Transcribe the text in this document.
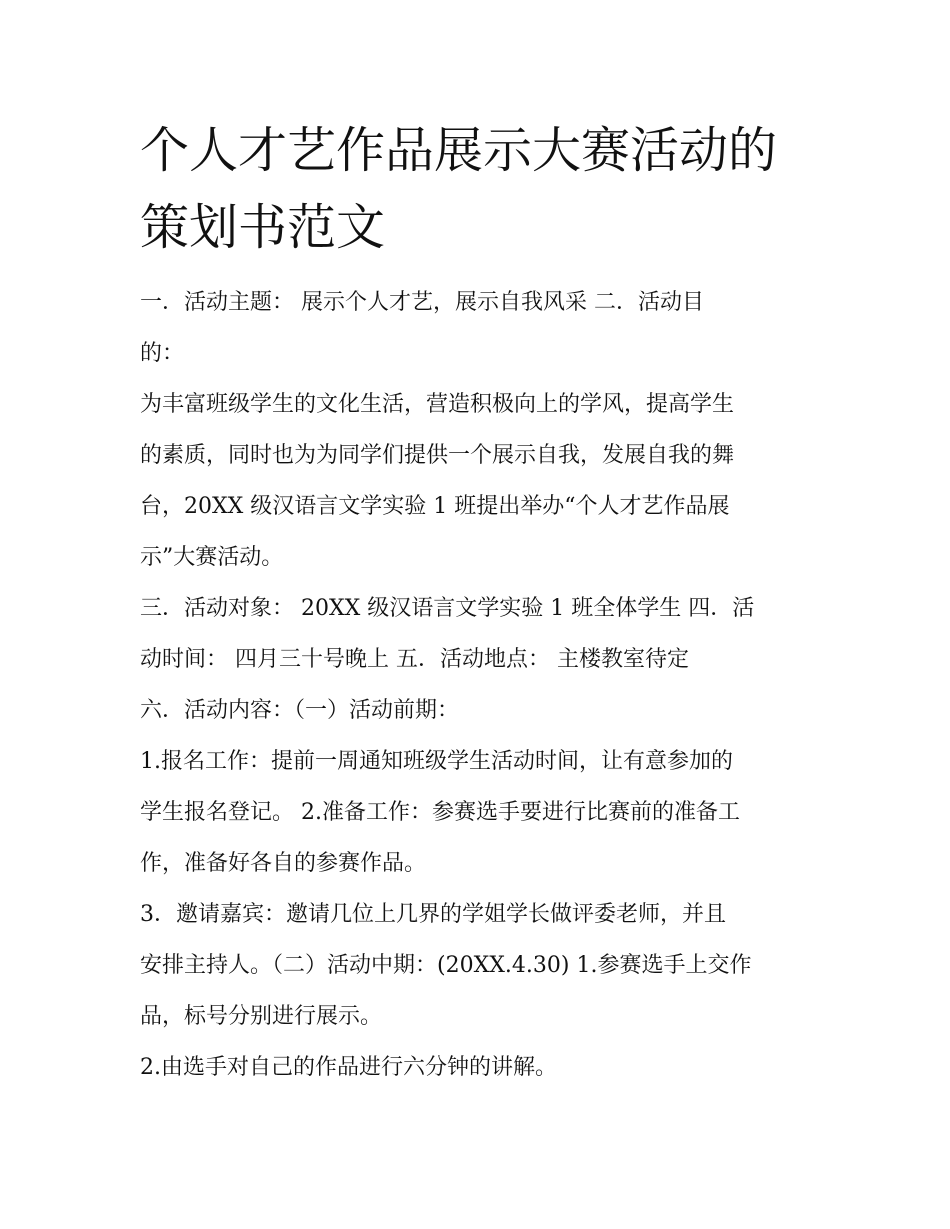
个人才艺作品展示大赛活动的
策划书范文
一．活动主题： 展示个人才艺，展示自我风采 二．活动目
的：
为丰富班级学生的文化生活，营造积极向上的学风，提高学生
的素质，同时也为为同学们提供一个展示自我，发展自我的舞
台，20XX 级汉语言文学实验 1 班提出举办“个人才艺作品展
示”大赛活动。
三．活动对象： 20XX 级汉语言文学实验 1 班全体学生 四．活
动时间： 四月三十号晚上 五．活动地点： 主楼教室待定
六．活动内容：（一）活动前期：
1.报名工作：提前一周通知班级学生活动时间，让有意参加的
学生报名登记。 2.准备工作：参赛选手要进行比赛前的准备工
作，准备好各自的参赛作品。
3．邀请嘉宾：邀请几位上几界的学姐学长做评委老师，并且
安排主持人。（二）活动中期：(20XX.4.30) 1.参赛选手上交作
品，标号分别进行展示。
2.由选手对自己的作品进行六分钟的讲解。
